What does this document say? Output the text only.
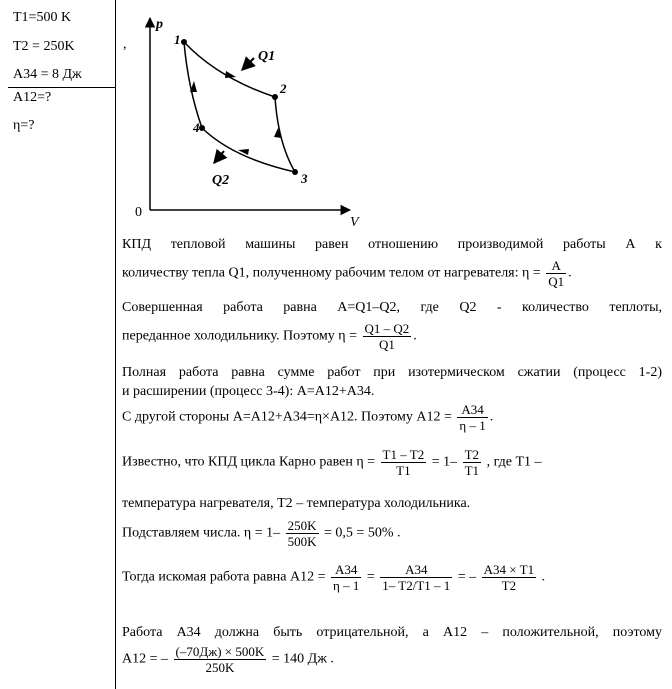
T1=500 K
T2 = 250K
A34 = 8 Дж
A12=?
η=?
p
V
0
,	1
2
3
4
Q1
Q2
КПД тепловой машины равен отношению производимой работы А к
количеству тепла Q1, полученному рабочим телом от нагревателя: $\eta = \frac{A}{Q1}$ .
Совершенная работа равна A=Q1–Q2, где Q2 - количество теплоты,
переданное холодильнику. Поэтому $\eta = \frac{Q1 - Q2}{Q1}$ .
Полная работа равна сумме работ при изотермическом сжатии (процесс 1-2)
и расширении (процесс 3-4): A=A12+A34.
С другой стороны A=A12+A34=η×A12. Поэтому $A12 = \frac{A34}{\eta - 1}$ .
Известно, что КПД цикла Карно равен $\eta = \frac{T1 - T2}{T1} = 1- \frac{T2}{T1}$ , где T1 –
температура нагревателя, T2 – температура холодильника.
Подставляем числа. $\eta = 1- \frac{250K}{500K} = 0,5 = 50\%$ .
Тогда искомая работа равна $A12 = \frac{A34}{\eta - 1} = \frac{A34}{1- T2/T1 - 1}$ = – $\frac{A34 \times T1}{T2}$ .
Работа A34 должна быть отрицательной, а A12 – положительной, поэтому
A12 = – $\frac{(-70Дж) \times 500K}{250K} = 140$ Дж .
